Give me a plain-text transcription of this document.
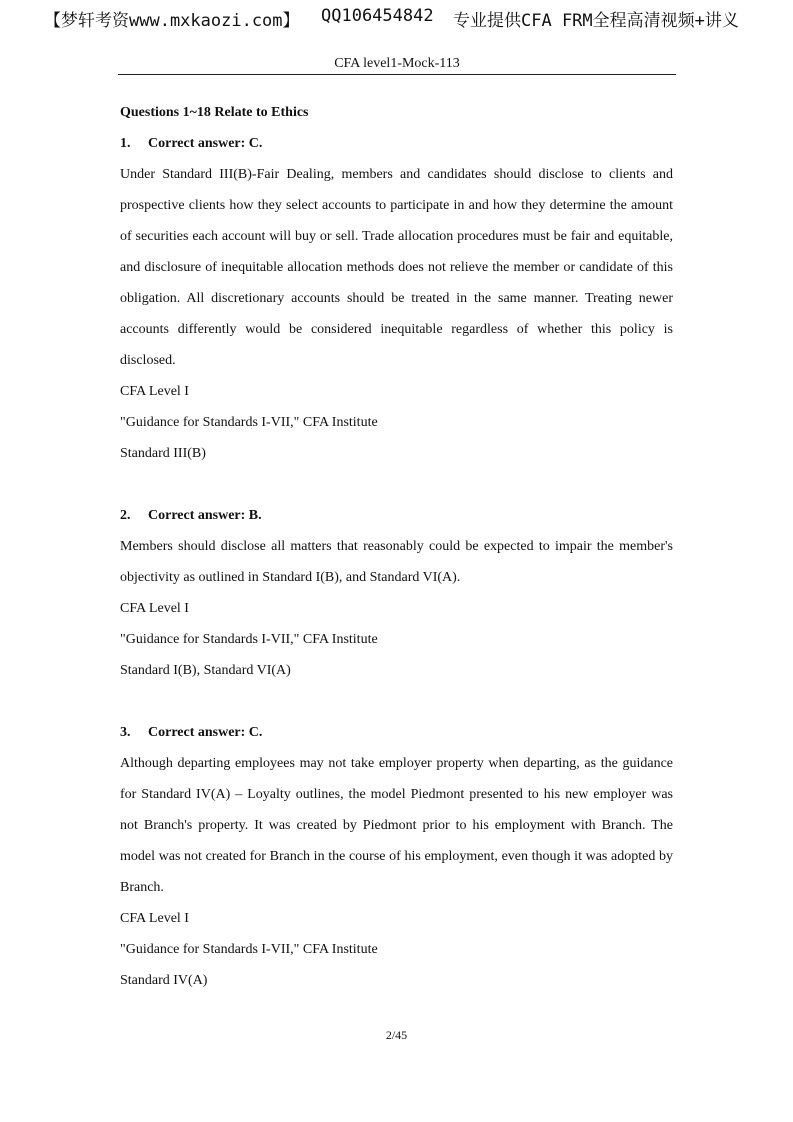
【梦轩考资www.mxkaozi.com】 QQ106454842 专业提供CFA FRM全程高清视频+讲义
CFA level1-Mock-113

Questions 1~18 Relate to Ethics

1. Correct answer: C.

Under Standard III(B)-Fair Dealing, members and candidates should disclose to clients and prospective clients how they select accounts to participate in and how they determine the amount of securities each account will buy or sell. Trade allocation procedures must be fair and equitable, and disclosure of inequitable allocation methods does not relieve the member or candidate of this obligation. All discretionary accounts should be treated in the same manner. Treating newer accounts differently would be considered inequitable regardless of whether this policy is disclosed.

CFA Level I

"Guidance for Standards I-VII," CFA Institute

Standard III(B)

2. Correct answer: B.

Members should disclose all matters that reasonably could be expected to impair the member's objectivity as outlined in Standard I(B), and Standard VI(A).

CFA Level I

"Guidance for Standards I-VII," CFA Institute

Standard I(B), Standard VI(A)

3. Correct answer: C.

Although departing employees may not take employer property when departing, as the guidance for Standard IV(A) – Loyalty outlines, the model Piedmont presented to his new employer was not Branch's property. It was created by Piedmont prior to his employment with Branch. The model was not created for Branch in the course of his employment, even though it was adopted by Branch.

CFA Level I

"Guidance for Standards I-VII," CFA Institute

Standard IV(A)

2/45
